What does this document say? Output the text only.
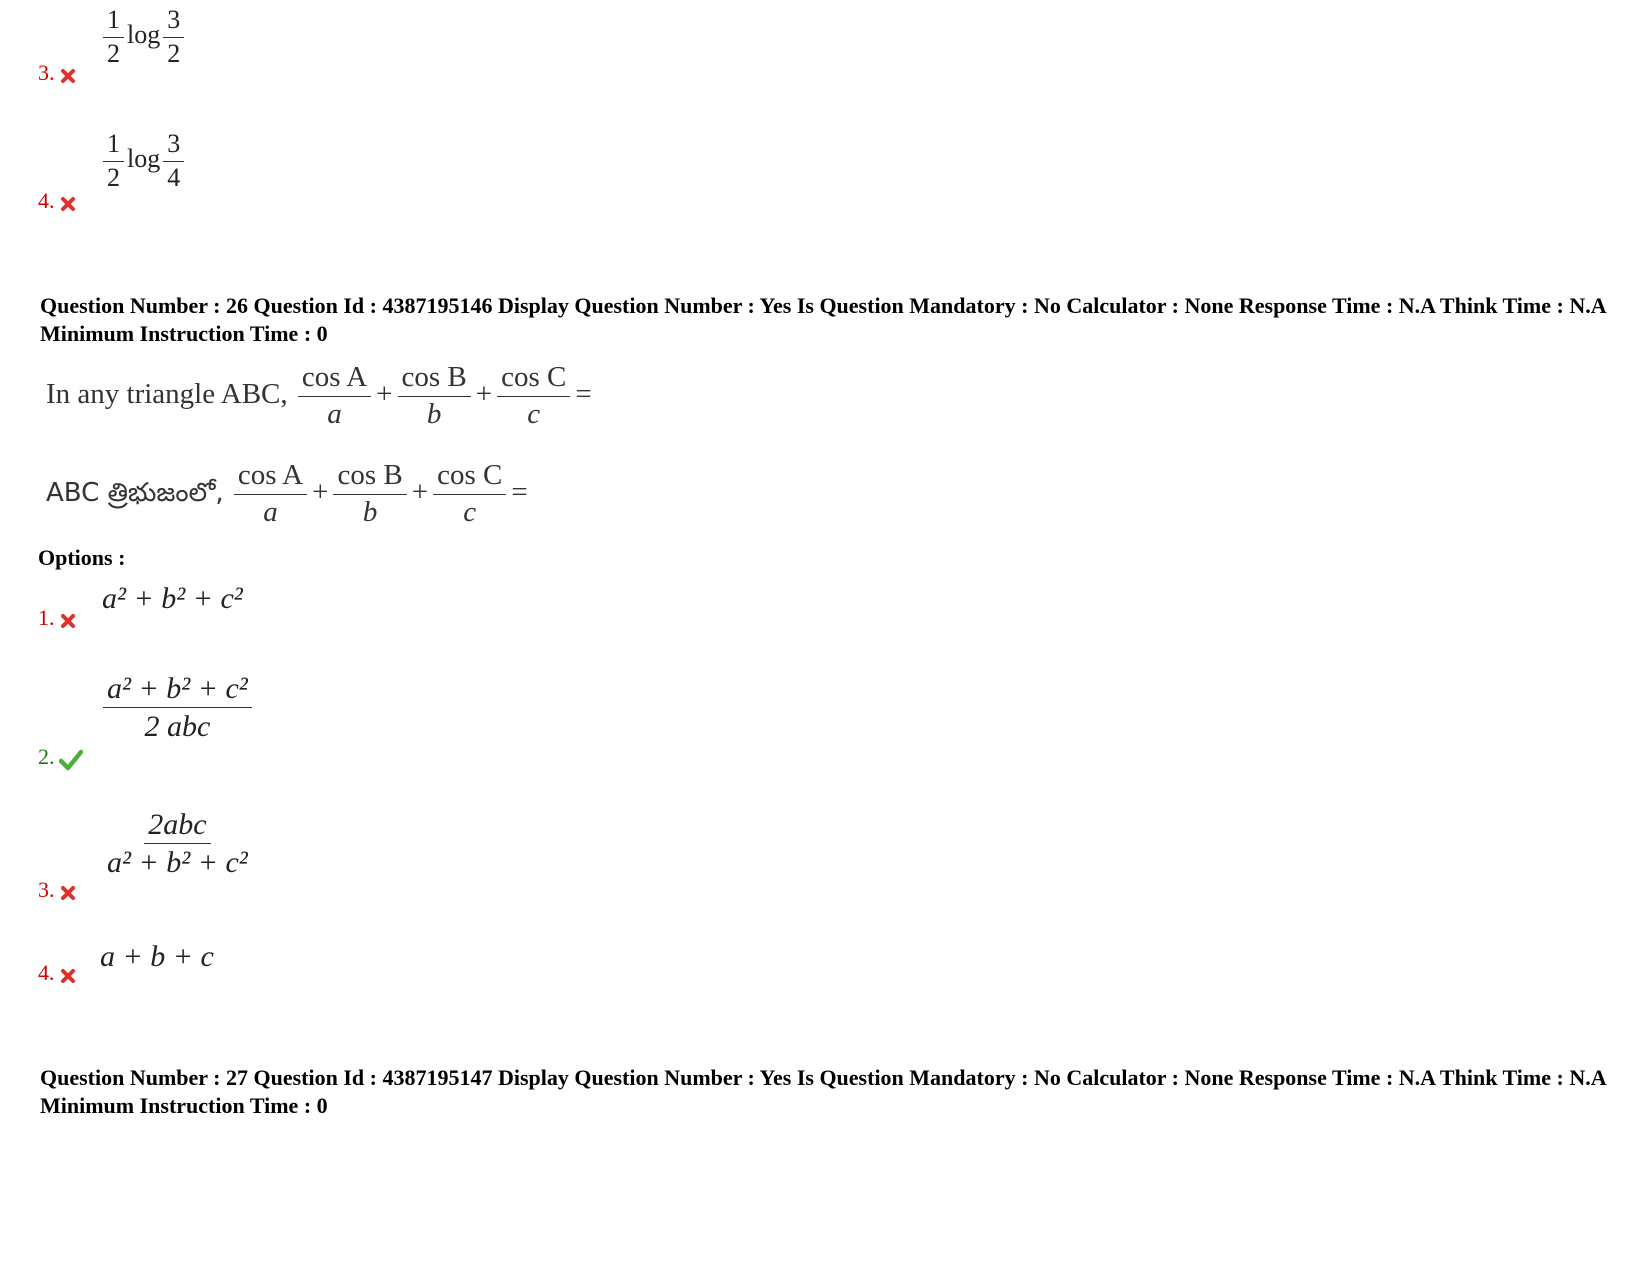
3.
$\frac{1}{2}$ $\log \frac{3}{2}$
4.
$\frac{1}{2}$ $\log \frac{3}{4}$
Question Number : 26 Question Id : 4387195146 Display Question Number : Yes Is Question Mandatory : No Calculator : None Response Time : N.A Think Time : N.A Minimum Instruction Time : 0
In any triangle ABC, $\frac{\text{cos A}}{a} + \frac{\text{cos B}}{b} + \frac{\text{cos C}}{c}$ =
ABC త్రిభుజంలో, $\frac{\text{cos A}}{a} + \frac{\text{cos B}}{b} + \frac{\text{cos C}}{c}$ =
Options :
1.
a² + b² + c²
2.
$\frac{\text{a² + b² + c²}}{\text{2 abc}}$
3.
$\frac{\text{2abc}}{\text{a² + b² + c²}}$
4.	a + b + c
Question Number : 27 Question Id : 4387195147 Display Question Number : Yes Is Question Mandatory : No Calculator : None Response Time : N.A Think Time : N.A Minimum Instruction Time : 0
